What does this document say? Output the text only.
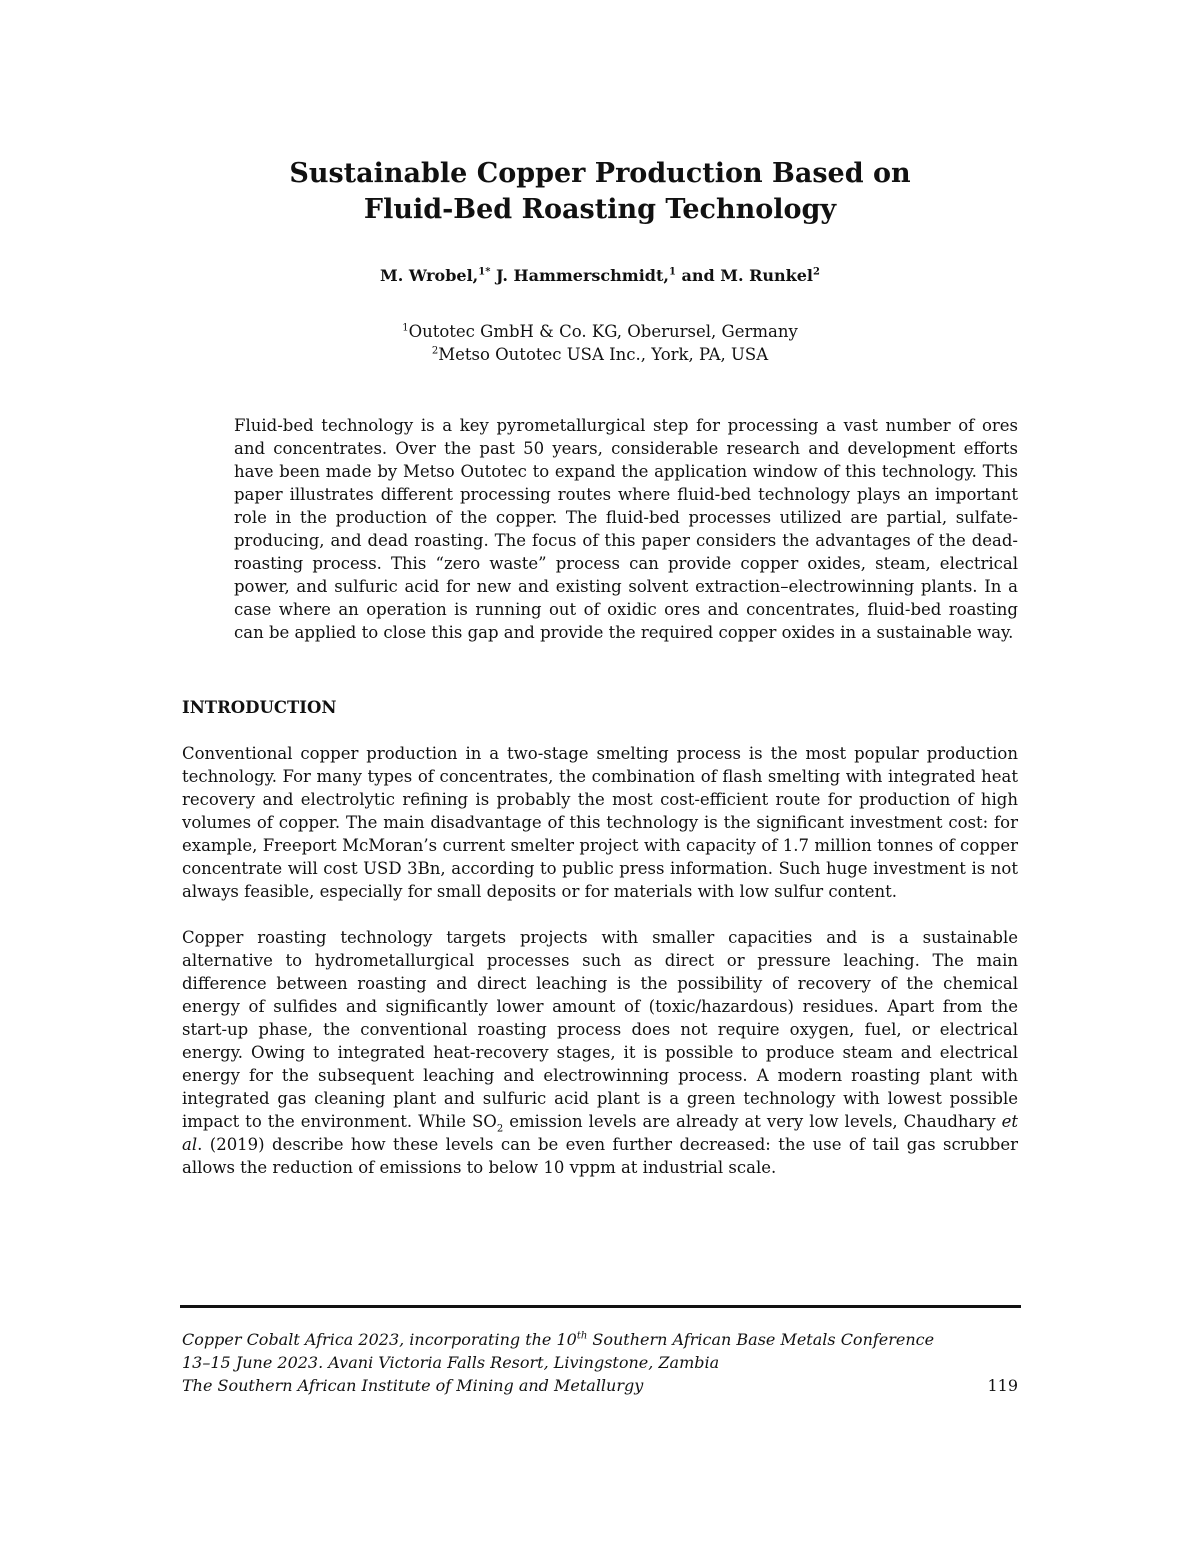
Sustainable Copper Production Based on
Fluid-Bed Roasting Technology
M. Wrobel,$^{1*}$ J. Hammerschmidt,$^1$ and M. Runkel$^2$
$^1$Outotec GmbH & Co. KG, Oberursel, Germany
$^2$Metso Outotec USA Inc., York, PA, USA
Fluid-bed technology is a key pyrometallurgical step for processing a vast number of ores and concentrates. Over the past 50 years, considerable research and development efforts have been made by Metso Outotec to expand the application window of this technology. This paper illustrates different processing routes where fluid-bed technology plays an important role in the production of the copper. The fluid-bed processes utilized are partial, sulfate-producing, and dead roasting. The focus of this paper considers the advantages of the dead-roasting process. This “zero waste” process can provide copper oxides, steam, electrical power, and sulfuric acid for new and existing solvent extraction–electrowinning plants. In a case where an operation is running out of oxidic ores and concentrates, fluid-bed roasting can be applied to close this gap and provide the required copper oxides in a sustainable way.
INTRODUCTION
Conventional copper production in a two-stage smelting process is the most popular production technology. For many types of concentrates, the combination of flash smelting with integrated heat recovery and electrolytic refining is probably the most cost-efficient route for production of high volumes of copper. The main disadvantage of this technology is the significant investment cost: for example, Freeport McMoran’s current smelter project with capacity of 1.7 million tonnes of copper concentrate will cost USD 3Bn, according to public press information. Such huge investment is not always feasible, especially for small deposits or for materials with low sulfur content.
Copper roasting technology targets projects with smaller capacities and is a sustainable alternative to hydrometallurgical processes such as direct or pressure leaching. The main difference between roasting and direct leaching is the possibility of recovery of the chemical energy of sulfides and significantly lower amount of (toxic/hazardous) residues. Apart from the start-up phase, the conventional roasting process does not require oxygen, fuel, or electrical energy. Owing to integrated heat-recovery stages, it is possible to produce steam and electrical energy for the subsequent leaching and electrowinning process. A modern roasting plant with integrated gas cleaning plant and sulfuric acid plant is a green technology with lowest possible impact to the environment. While $SO_2$ emission levels are already at very low levels, Chaudhary et al. (2019) describe how these levels can be even further decreased: the use of tail gas scrubber allows the reduction of emissions to below 10 vppm at industrial scale.
Copper Cobalt Africa 2023, incorporating the 10th Southern African Base Metals Conference
13–15 June 2023. Avani Victoria Falls Resort, Livingstone, Zambia
The Southern African Institute of Mining and Metallurgy	119
